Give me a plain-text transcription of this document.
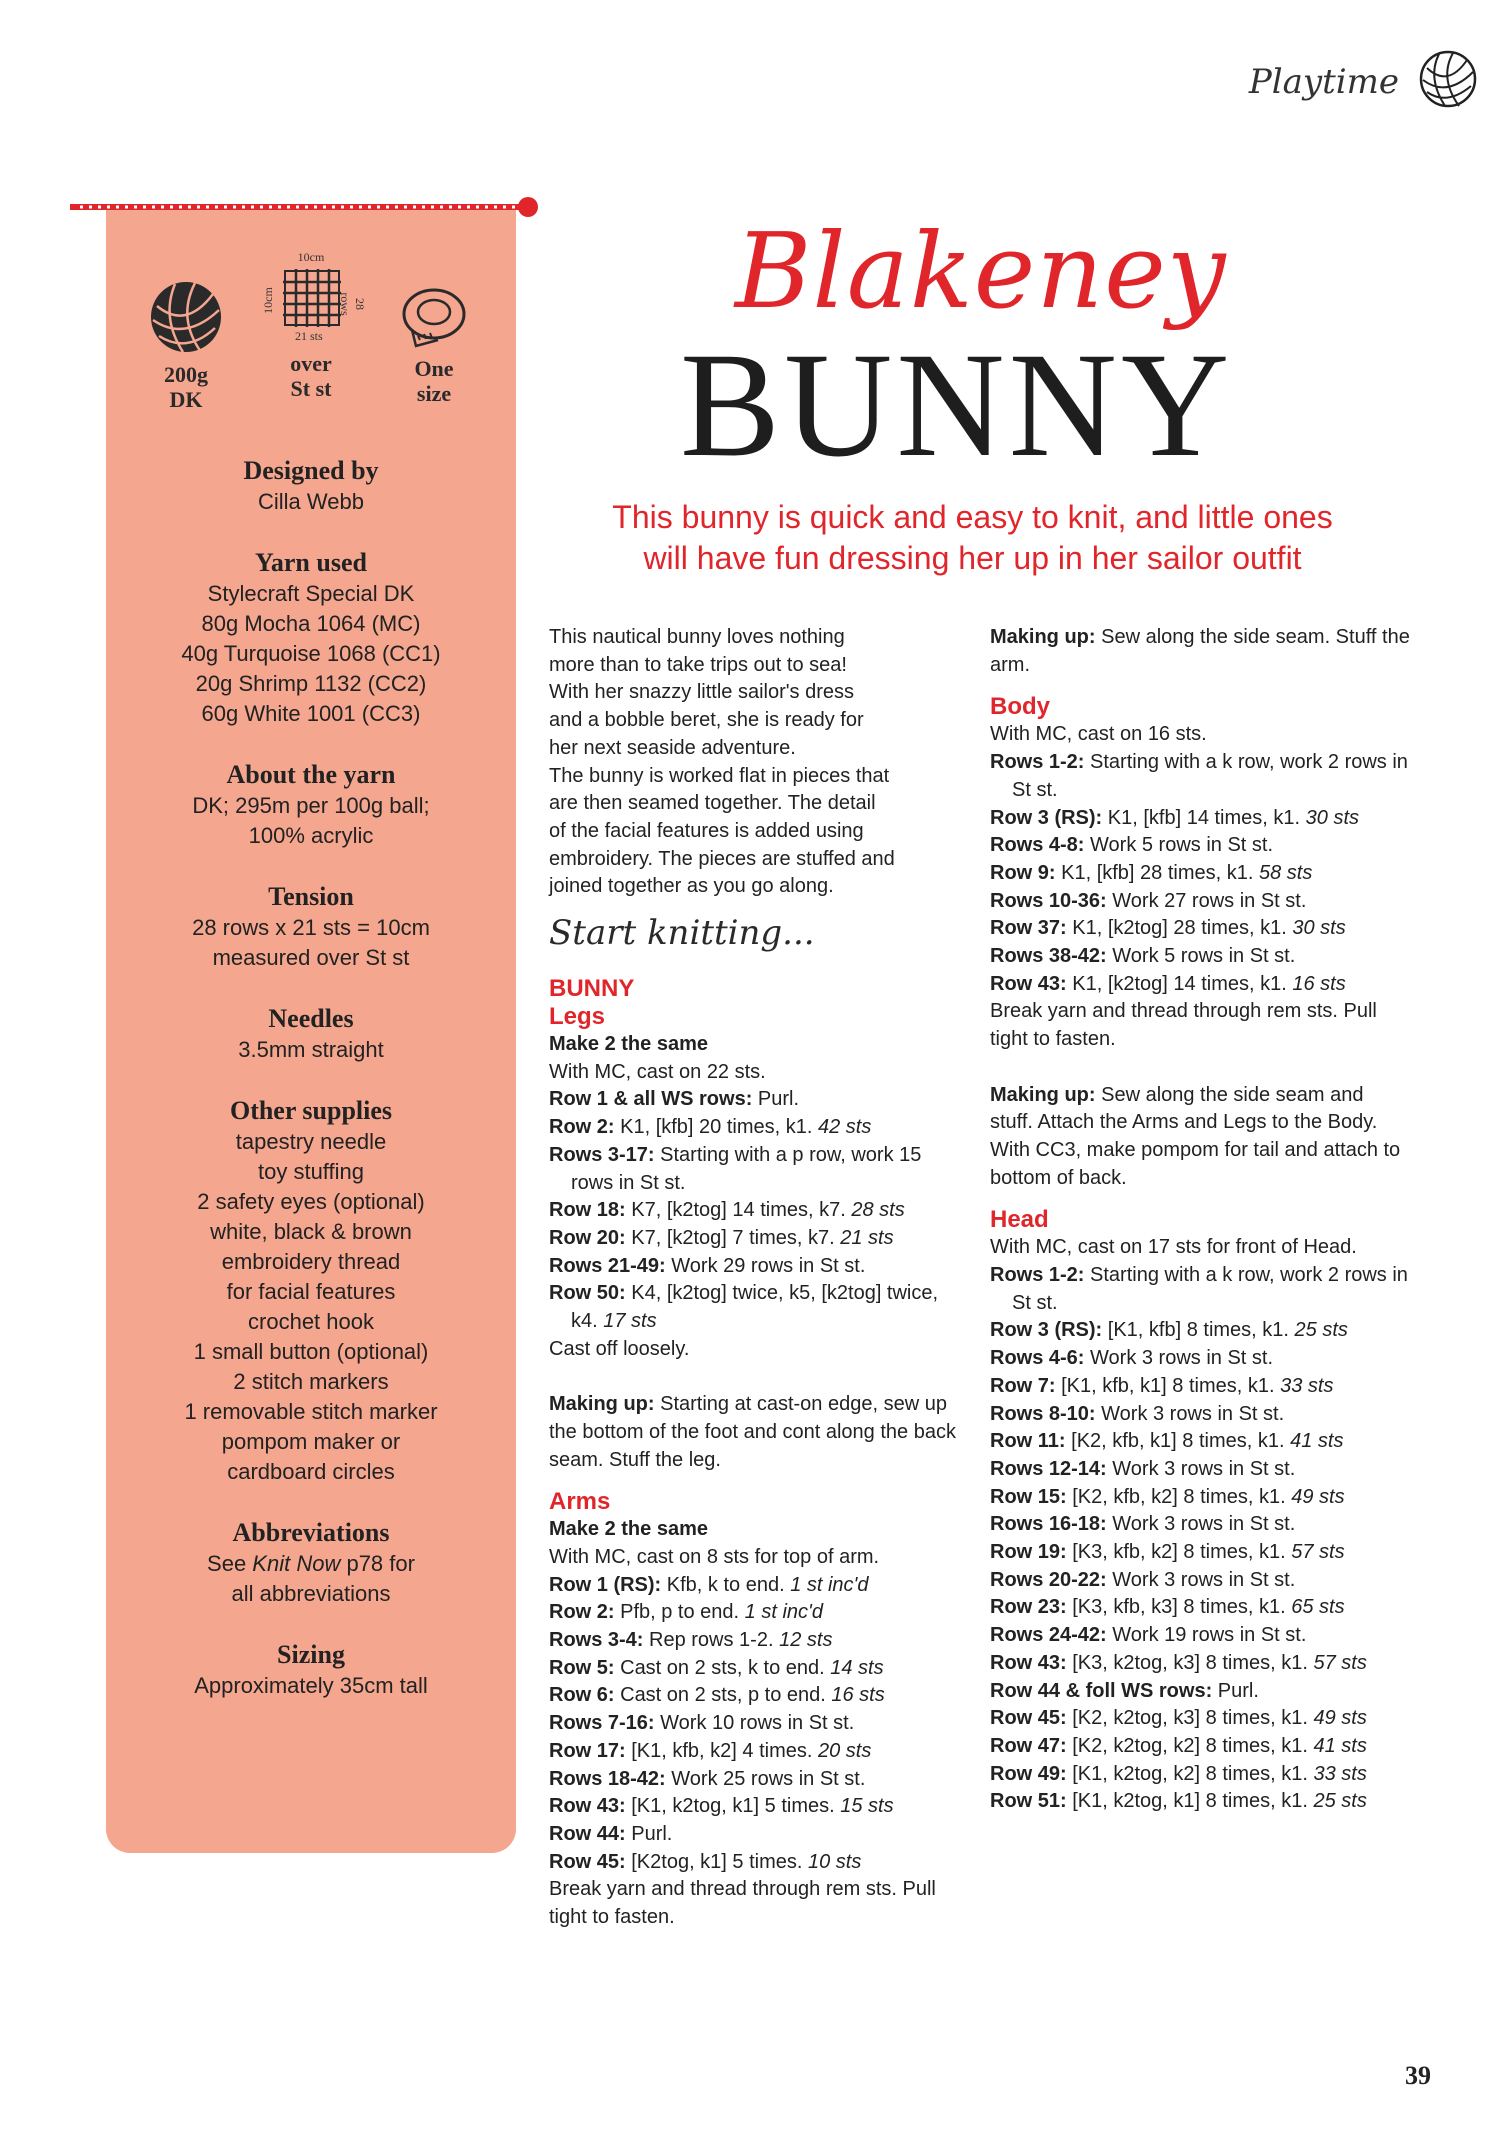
Playtime
200g
DK
10cm
10cm	28 rows
21 sts
over
St st
One
size
Designed by
Cilla Webb
Yarn used
Stylecraft Special DK
80g Mocha 1064 (MC)
40g Turquoise 1068 (CC1)
20g Shrimp 1132 (CC2)
60g White 1001 (CC3)
About the yarn
DK; 295m per 100g ball;
100% acrylic
Tension
28 rows x 21 sts = 10cm
measured over St st
Needles
3.5mm straight
Other supplies
tapestry needle
toy stuffing
2 safety eyes (optional)
white, black & brown
embroidery thread
for facial features
crochet hook
1 small button (optional)
2 stitch markers
1 removable stitch marker
pompom maker or
cardboard circles
Abbreviations
See Knit Now p78 for
all abbreviations
Sizing
Approximately 35cm tall
Blakeney
BUNNY
This bunny is quick and easy to knit, and little ones
will have fun dressing her up in her sailor outfit

This nautical bunny loves nothing

more than to take trips out to sea!

With her snazzy little sailor's dress

and a bobble beret, she is ready for

her next seaside adventure.

The bunny is worked flat in pieces that

are then seamed together. The detail

of the facial features is added using

embroidery. The pieces are stuffed and

joined together as you go along.

Start knitting...
BUNNY
Legs

Make 2 the same

With MC, cast on 22 sts.

Row 1 & all WS rows: Purl.

Row 2: K1, [kfb] 20 times, k1. 42 sts

Rows 3-17: Starting with a p row, work 15 rows in St st.

Row 18: K7, [k2tog] 14 times, k7. 28 sts

Row 20: K7, [k2tog] 7 times, k7. 21 sts

Rows 21-49: Work 29 rows in St st.

Row 50: K4, [k2tog] twice, k5, [k2tog] twice, k4. 17 sts

Cast off loosely.

Making up: Starting at cast-on edge, sew up the bottom of the foot and cont along the back seam. Stuff the leg.

Arms

Make 2 the same

With MC, cast on 8 sts for top of arm.

Row 1 (RS): Kfb, k to end. 1 st inc'd

Row 2: Pfb, p to end. 1 st inc'd

Rows 3-4: Rep rows 1-2. 12 sts

Row 5: Cast on 2 sts, k to end. 14 sts

Row 6: Cast on 2 sts, p to end. 16 sts

Rows 7-16: Work 10 rows in St st.

Row 17: [K1, kfb, k2] 4 times. 20 sts

Rows 18-42: Work 25 rows in St st.

Row 43: [K1, k2tog, k1] 5 times. 15 sts

Row 44: Purl.

Row 45: [K2tog, k1] 5 times. 10 sts

Break yarn and thread through rem sts. Pull tight to fasten.

Making up: Sew along the side seam. Stuff the arm.

Body

With MC, cast on 16 sts.

Rows 1-2: Starting with a k row, work 2 rows in St st.

Row 3 (RS): K1, [kfb] 14 times, k1. 30 sts

Rows 4-8: Work 5 rows in St st.

Row 9: K1, [kfb] 28 times, k1. 58 sts

Rows 10-36: Work 27 rows in St st.

Row 37: K1, [k2tog] 28 times, k1. 30 sts

Rows 38-42: Work 5 rows in St st.

Row 43: K1, [k2tog] 14 times, k1. 16 sts

Break yarn and thread through rem sts. Pull tight to fasten.

Making up: Sew along the side seam and stuff. Attach the Arms and Legs to the Body. With CC3, make pompom for tail and attach to bottom of back.

Head

With MC, cast on 17 sts for front of Head.

Rows 1-2: Starting with a k row, work 2 rows in St st.

Row 3 (RS): [K1, kfb] 8 times, k1. 25 sts

Rows 4-6: Work 3 rows in St st.

Row 7: [K1, kfb, k1] 8 times, k1. 33 sts

Rows 8-10: Work 3 rows in St st.

Row 11: [K2, kfb, k1] 8 times, k1. 41 sts

Rows 12-14: Work 3 rows in St st.

Row 15: [K2, kfb, k2] 8 times, k1. 49 sts

Rows 16-18: Work 3 rows in St st.

Row 19: [K3, kfb, k2] 8 times, k1. 57 sts

Rows 20-22: Work 3 rows in St st.

Row 23: [K3, kfb, k3] 8 times, k1. 65 sts

Rows 24-42: Work 19 rows in St st.

Row 43: [K3, k2tog, k3] 8 times, k1. 57 sts

Row 44 & foll WS rows: Purl.

Row 45: [K2, k2tog, k3] 8 times, k1. 49 sts

Row 47: [K2, k2tog, k2] 8 times, k1. 41 sts

Row 49: [K1, k2tog, k2] 8 times, k1. 33 sts

Row 51: [K1, k2tog, k1] 8 times, k1. 25 sts

39
